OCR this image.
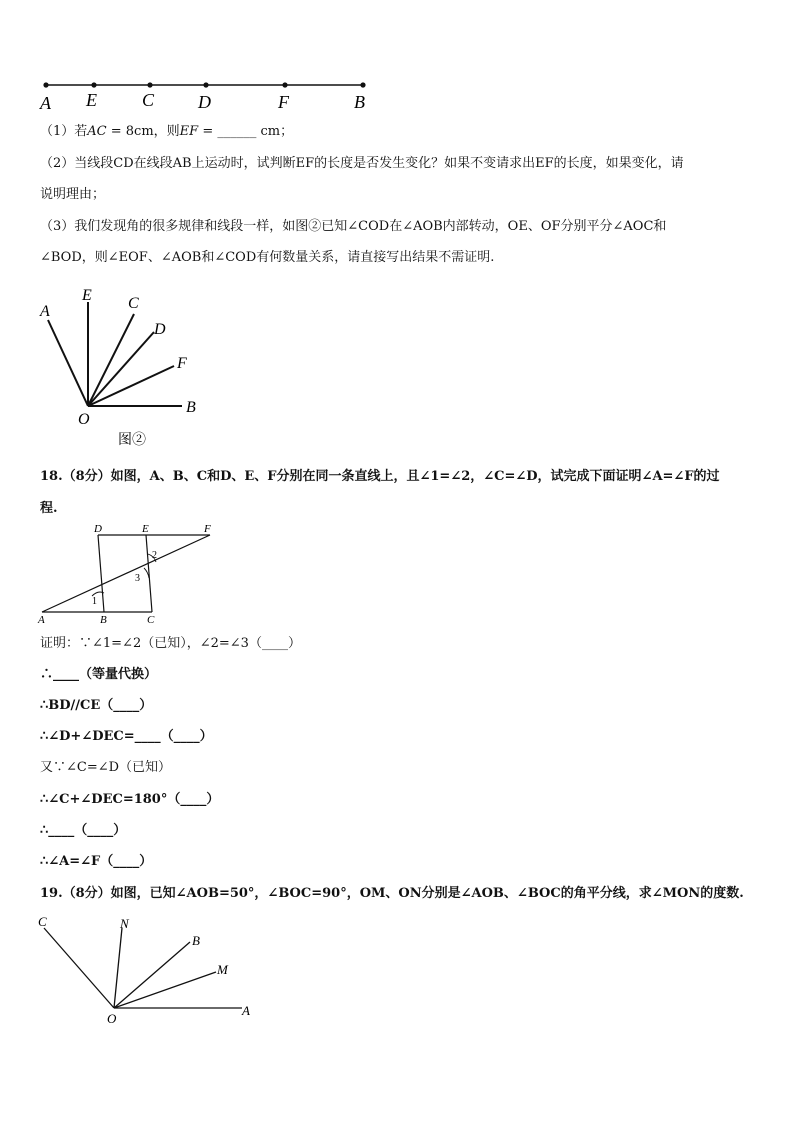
A E	C D	F	B
（1）若AC = 8cm，则EF = ______ cm；
（2）当线段CD在线段AB上运动时，试判断EF的长度是否发生变化？如果不变请求出EF的长度，如果变化，请
说明理由；
（3）我们发现角的很多规律和线段一样，如图②已知∠COD在∠AOB内部转动，OE、OF分别平分∠AOC和
∠BOD，则∠EOF、∠AOB和∠COD有何数量关系，请直接写出结果不需证明.
A
E C
D
F
B
O
图②
18.（8分）如图，A、B、C和D、E、F分别在同一条直线上，且∠1=∠2，∠C=∠D，试完成下面证明∠A=∠F的过
程.
D	E	F
A	B	C
1
2
3
证明：∵∠1=∠2（已知），∠2=∠3（____）
∴____（等量代换）
∴BD//CE（____）
∴∠D+∠DEC=____（____）
又∵∠C=∠D（已知）
∴∠C+∠DEC=180°（____）
∴____（____）
∴∠A=∠F（____）
19.（8分）如图，已知∠AOB=50°，∠BOC=90°，OM、ON分别是∠AOB、∠BOC的角平分线，求∠MON的度数.
C	N
B
M
A
O
